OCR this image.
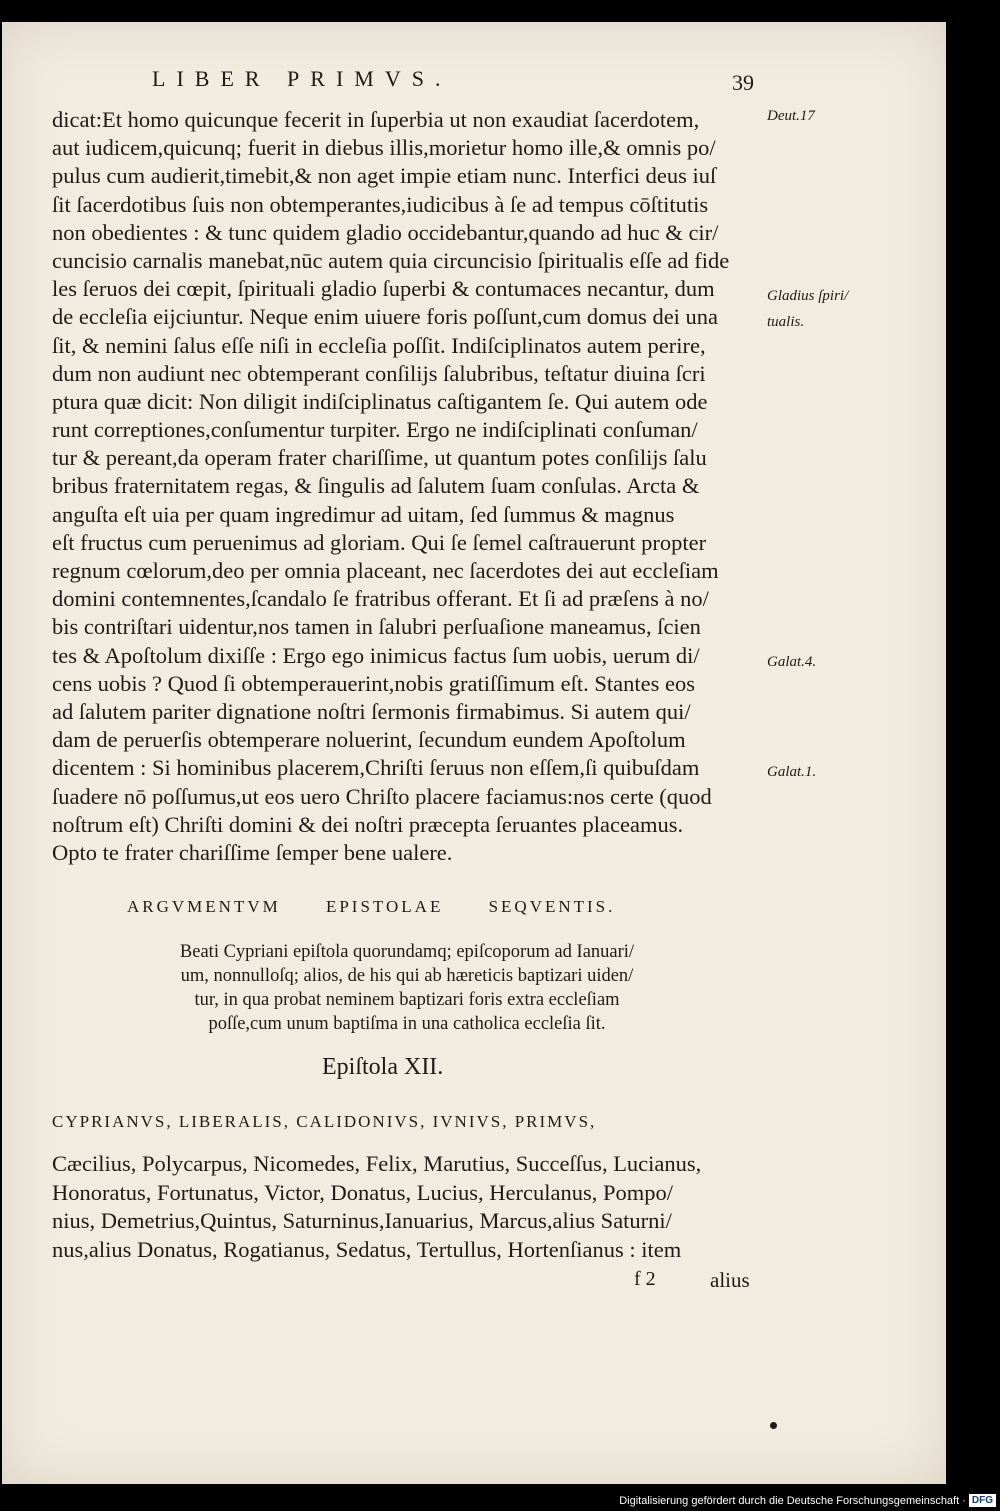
LIBER PRIMVS.	39
dicat:Et homo quicunque fecerit in ſuperbia ut non exaudiat ſacerdotem,
aut iudicem,quicunq; fuerit in diebus illis,morietur homo ille,& omnis po/
pulus cum audierit,timebit,& non aget impie etiam nunc. Interfici deus iuſ
ſit ſacerdotibus ſuis non obtemperantes,iudicibus à ſe ad tempus cōſtitutis
non obedientes : & tunc quidem gladio occidebantur,quando ad huc & cir/
cuncisio carnalis manebat,nūc autem quia circuncisio ſpiritualis eſſe ad fide
les ſeruos dei cœpit, ſpirituali gladio ſuperbi & contumaces necantur, dum
de eccleſia eijciuntur. Neque enim uiuere foris poſſunt,cum domus dei una
ſit, & nemini ſalus eſſe niſi in eccleſia poſſit. Indiſciplinatos autem perire,
dum non audiunt nec obtemperant conſilijs ſalubribus, teſtatur diuina ſcri
ptura quæ dicit: Non diligit indiſciplinatus caſtigantem ſe. Qui autem ode
runt correptiones,conſumentur turpiter. Ergo ne indiſciplinati conſuman/
tur & pereant,da operam frater chariſſime, ut quantum potes conſilijs ſalu
bribus fraternitatem regas, & ſingulis ad ſalutem ſuam conſulas. Arcta &
anguſta eſt uia per quam ingredimur ad uitam, ſed ſummus & magnus
eſt fructus cum peruenimus ad gloriam. Qui ſe ſemel caſtrauerunt propter
regnum cœlorum,deo per omnia placeant, nec ſacerdotes dei aut eccleſiam
domini contemnentes,ſcandalo ſe fratribus offerant. Et ſi ad præſens à no/
bis contriſtari uidentur,nos tamen in ſalubri perſuaſione maneamus, ſcien
tes & Apoſtolum dixiſſe : Ergo ego inimicus factus ſum uobis, uerum di/
cens uobis ? Quod ſi obtemperauerint,nobis gratiſſimum eſt. Stantes eos
ad ſalutem pariter dignatione noſtri ſermonis firmabimus. Si autem qui/
dam de peruerſis obtemperare noluerint, ſecundum eundem Apoſtolum
dicentem : Si hominibus placerem,Chriſti ſeruus non eſſem,ſi quibuſdam
ſuadere nō poſſumus,ut eos uero Chriſto placere faciamus:nos certe (quod
noſtrum eſt) Chriſti domini & dei noſtri præcepta ſeruantes placeamus.
Opto te frater chariſſime ſemper bene ualere.
Deut.17
Gladius ſpiri/
tualis.
Galat.4.
Galat.1.
ARGVMENTVM EPISTOLAE SEQVENTIS.
Beati Cypriani epiſtola quorundamq; epiſcoporum ad Ianuari/
um, nonnulloſq; alios, de his qui ab hæreticis baptizari uiden/
tur, in qua probat neminem baptizari foris extra eccleſiam
poſſe,cum unum baptiſma in una catholica eccleſia ſit.
Epiſtola XII.
CYPRIANVS, LIBERALIS, CALIDONIVS, IVNIVS, PRIMVS,
Cæcilius, Polycarpus, Nicomedes, Felix, Marutius, Succeſſus, Lucianus,
Honoratus, Fortunatus, Victor, Donatus, Lucius, Herculanus, Pompo/
nius, Demetrius,Quintus, Saturninus,Ianuarius, Marcus,alius Saturni/
nus,alius Donatus, Rogatianus, Sedatus, Tertullus, Hortenſianus : item
f 2	alius
Digitalisierung gefördert durch die Deutsche Forschungsgemeinschaft · DFG
